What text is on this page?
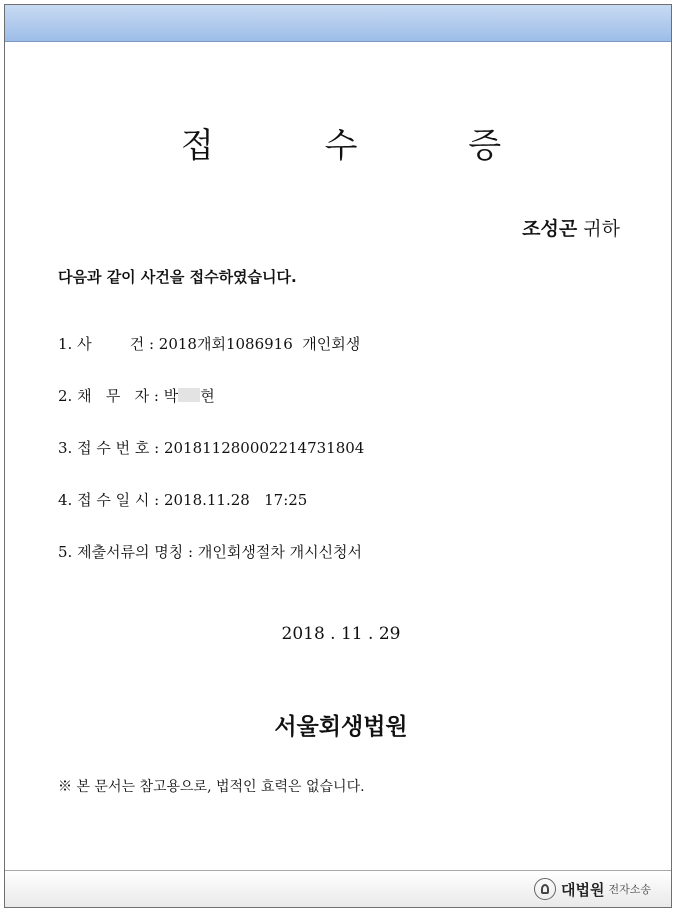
대법원 전자소송
접 수 증
조성곤 귀하
다음과 같이 사건을 접수하였습니다.
1. 사        건 : 2018개회1086916  개인회생
2. 채   무   자 : 박 현
3. 접 수 번 호 : 201811280002214731804
4. 접 수 일 시 : 2018.11.28   17:25
5. 제출서류의 명칭 : 개인회생절차 개시신청서
2018 . 11 . 29
서울회생법원
※ 본 문서는 참고용으로, 법적인 효력은 없습니다.
